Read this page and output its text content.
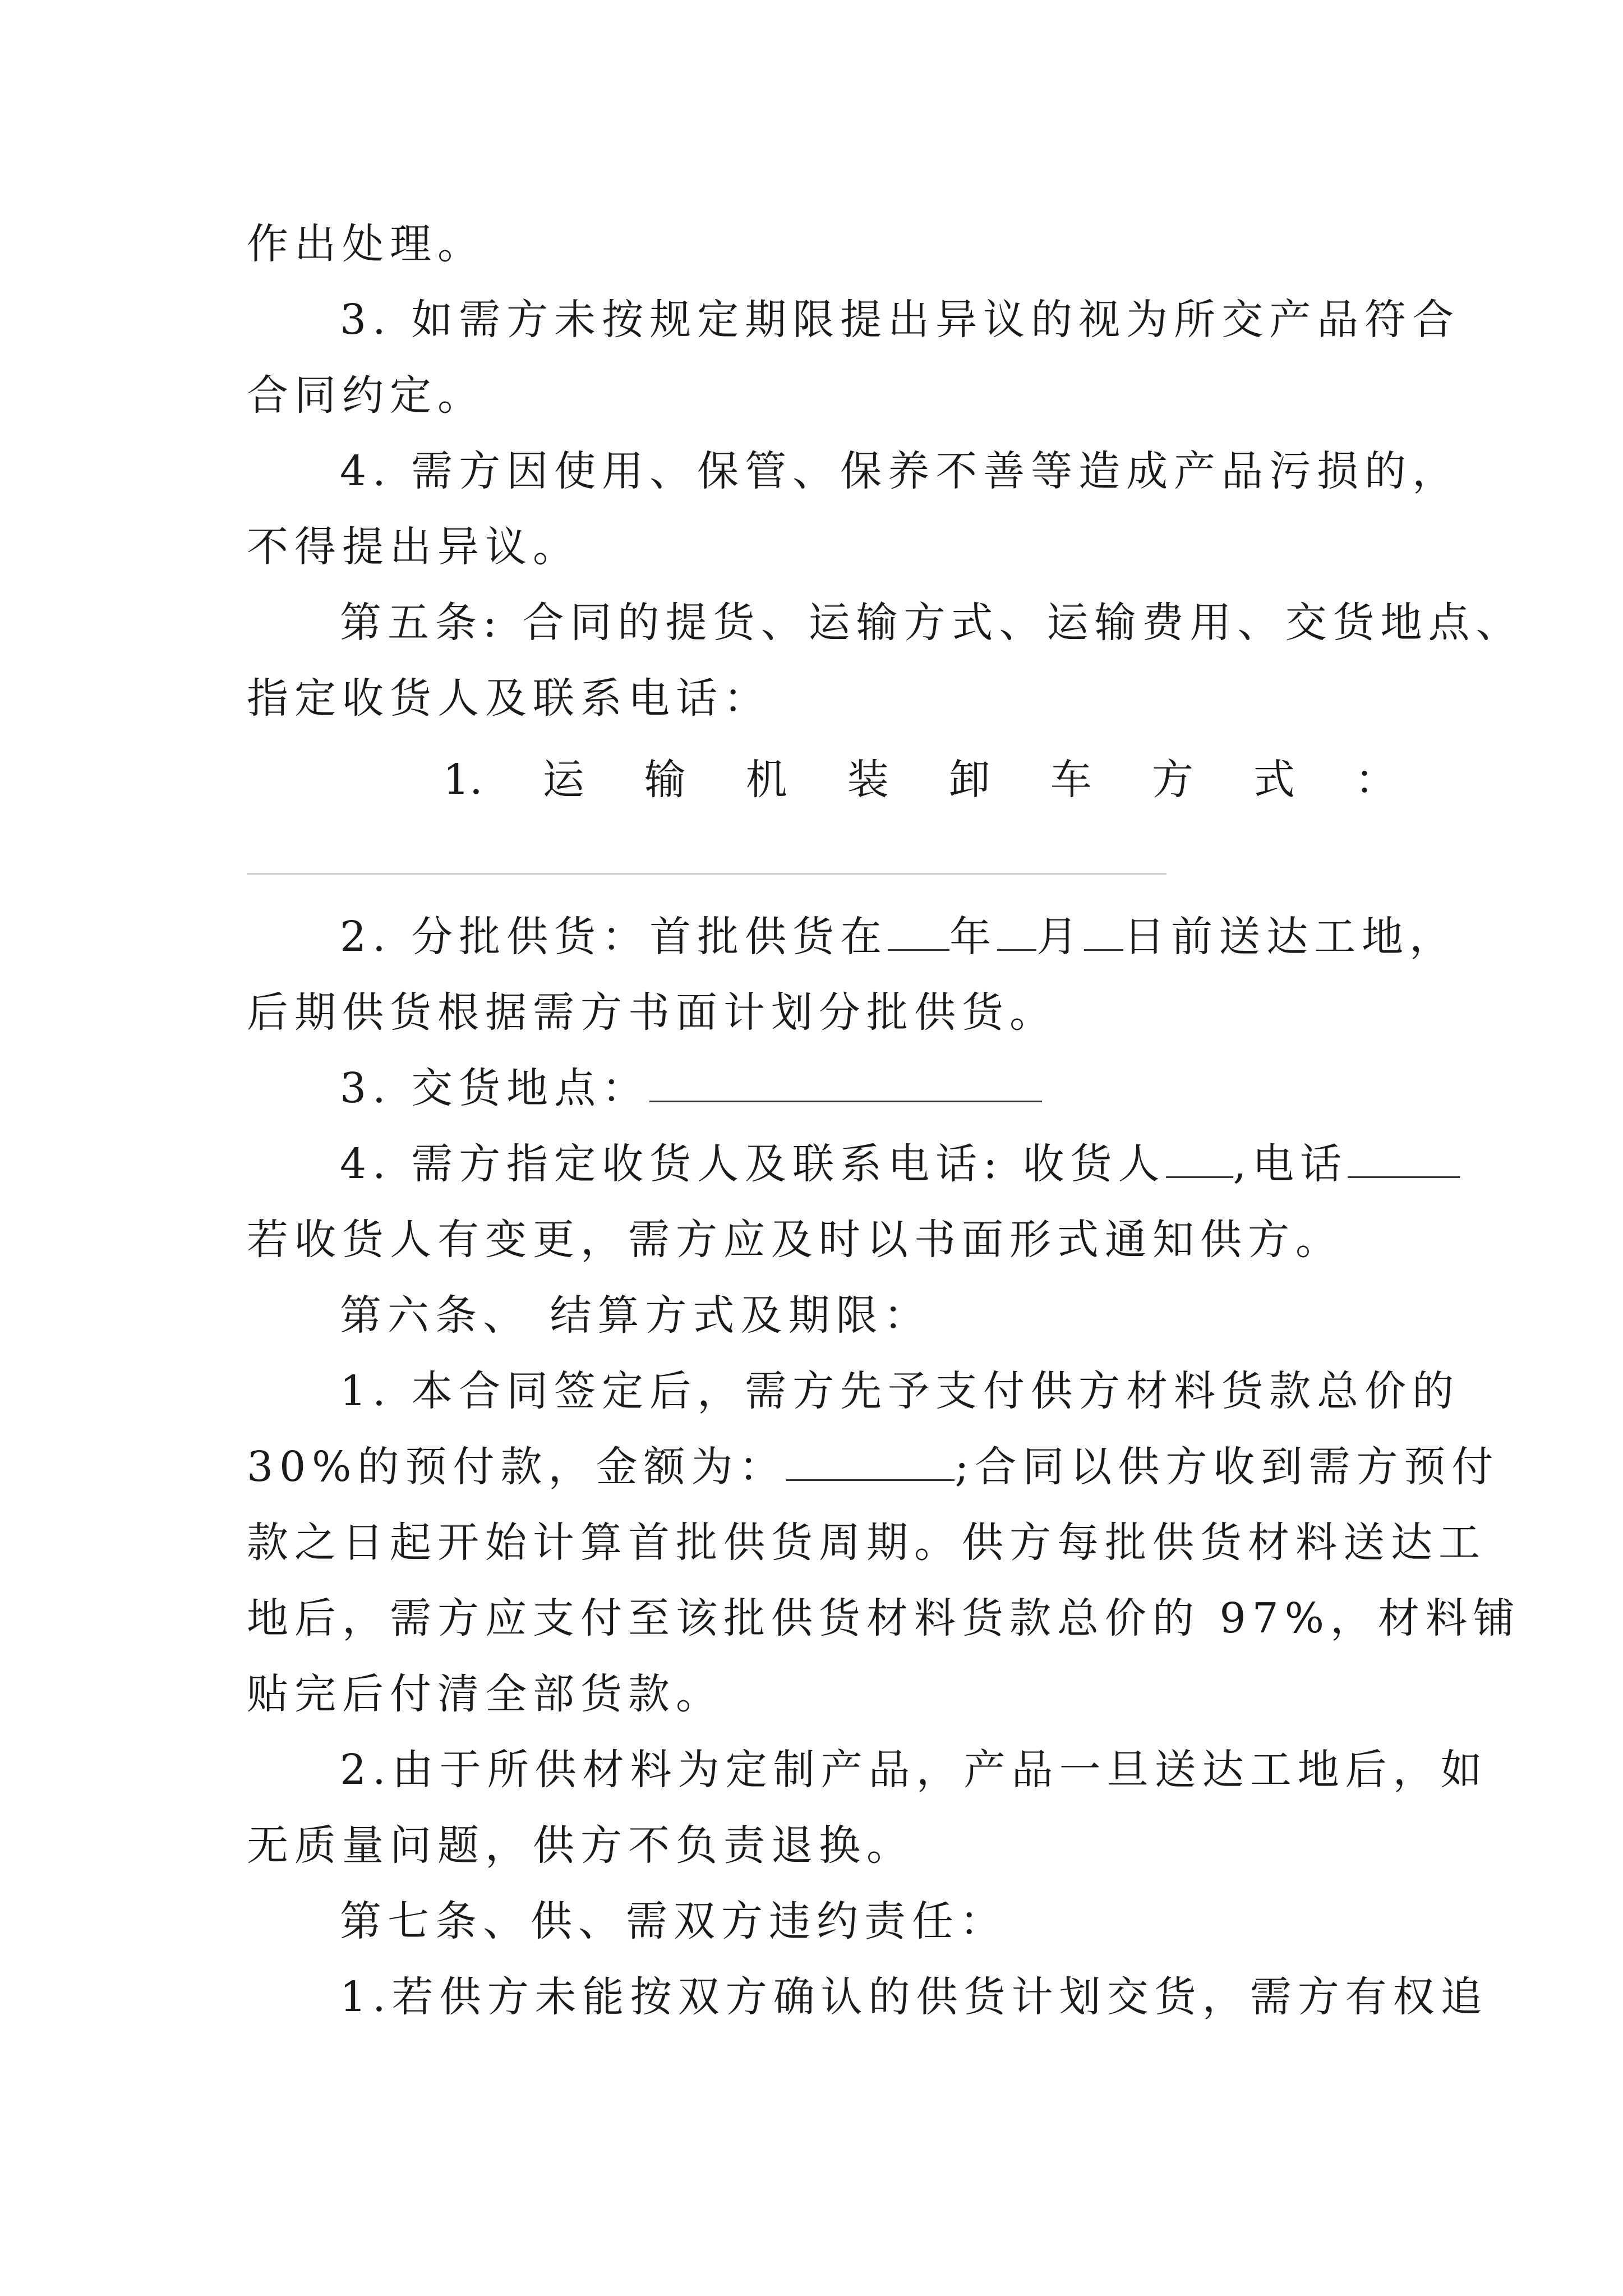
作出处理。
3. 如需方未按规定期限提出异议的视为所交产品符合
合同约定。
4. 需方因使用、保管、保养不善等造成产品污损的，
不得提出异议。
第五条: 合同的提货、运输方式、运输费用、交货地点、
指定收货人及联系电话：
1. 运 输 机 装 卸 车 方 式 ：
2. 分批供货：首批供货在 年 月 日前送达工地，
后期供货根据需方书面计划分批供货。
3. 交货地点：
4. 需方指定收货人及联系电话: 收货人 ,电话
若收货人有变更，需方应及时以书面形式通知供方。
第六条、 结算方式及期限：
1. 本合同签定后，需方先予支付供方材料货款总价的
30%的预付款，金额为：	;合同以供方收到需方预付
款之日起开始计算首批供货周期。供方每批供货材料送达工
地后，需方应支付至该批供货材料货款总价的 97%，材料铺
贴完后付清全部货款。
2.由于所供材料为定制产品，产品一旦送达工地后，如
无质量问题，供方不负责退换。
第七条、供、需双方违约责任：
1.若供方未能按双方确认的供货计划交货，需方有权追
